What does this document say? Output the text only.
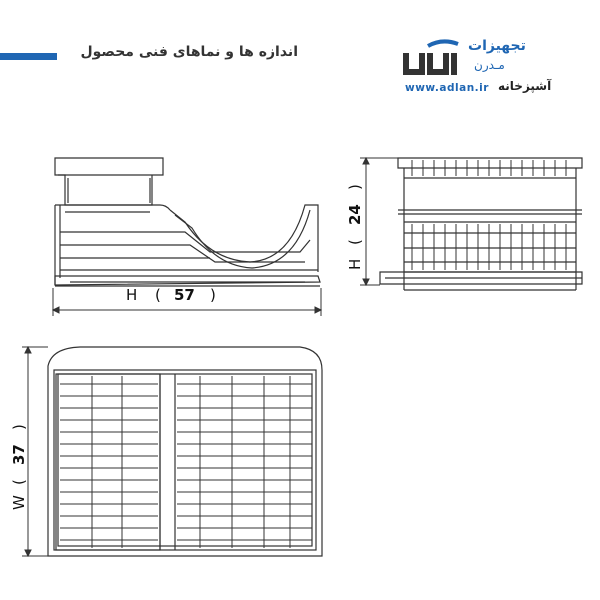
اندازه ها و نماهای فنی محصول	تجهیزات
مـدرن
www.adlan.ir آشپزخانه
H ( 57 )
H
(
24
)
W
(
37
)
